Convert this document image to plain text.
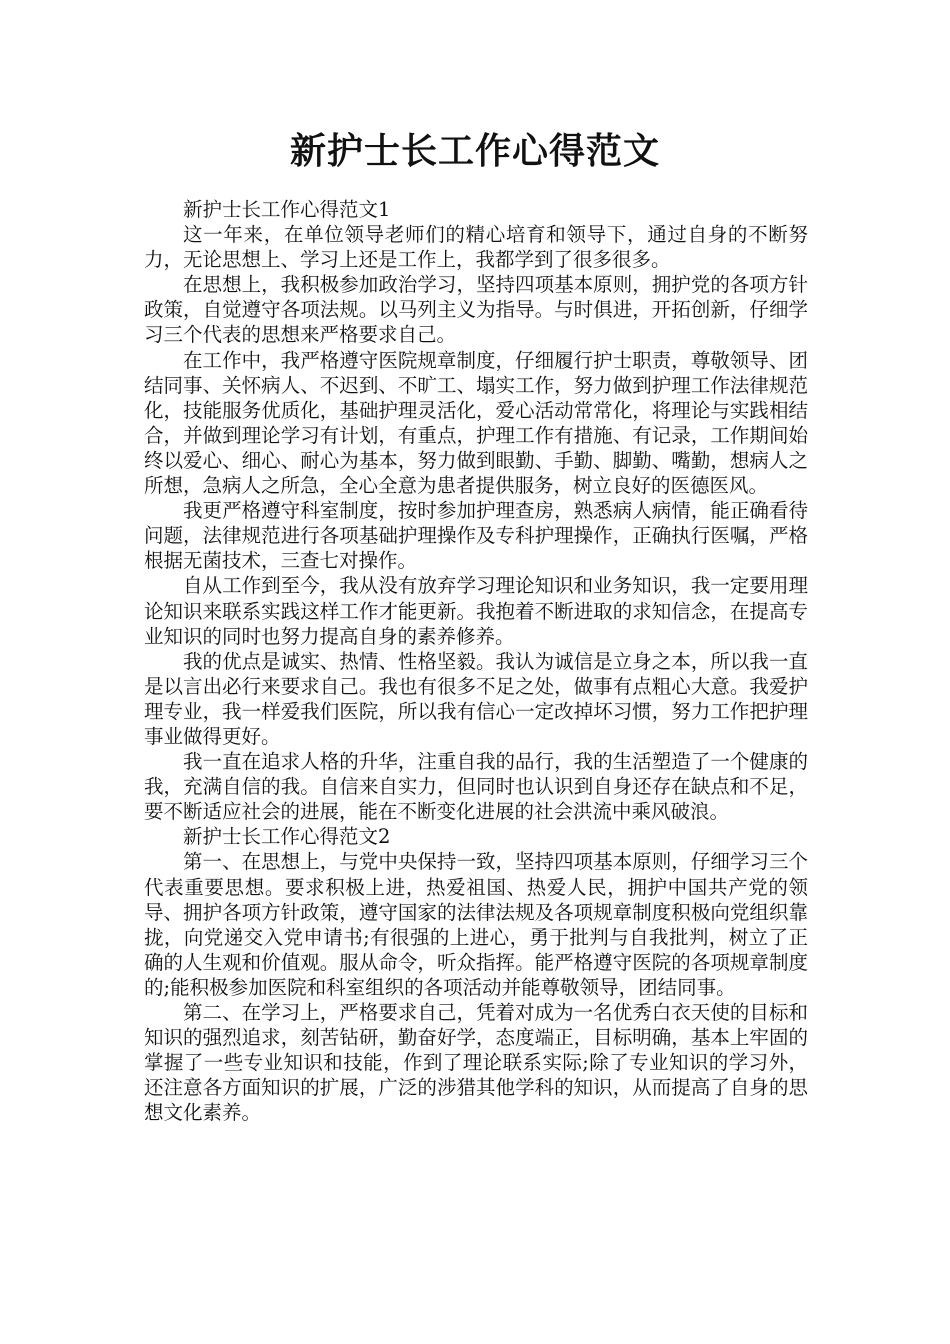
新护士长工作心得范文

新护士长工作心得范文1

这一年来，在单位领导老师们的精心培育和领导下，通过自身的不断努力，无论思想上、学习上还是工作上，我都学到了很多很多。

在思想上，我积极参加政治学习，坚持四项基本原则，拥护党的各项方针政策，自觉遵守各项法规。以马列主义为指导。与时俱进，开拓创新，仔细学习三个代表的思想来严格要求自己。

在工作中，我严格遵守医院规章制度，仔细履行护士职责，尊敬领导、团结同事、关怀病人、不迟到、不旷工、塌实工作，努力做到护理工作法律规范化，技能服务优质化，基础护理灵活化，爱心活动常常化，将理论与实践相结合，并做到理论学习有计划，有重点，护理工作有措施、有记录，工作期间始终以爱心、细心、耐心为基本，努力做到眼勤、手勤、脚勤、嘴勤，想病人之所想，急病人之所急，全心全意为患者提供服务，树立良好的医德医风。

我更严格遵守科室制度，按时参加护理查房，熟悉病人病情，能正确看待问题，法律规范进行各项基础护理操作及专科护理操作，正确执行医嘱，严格根据无菌技术，三查七对操作。

自从工作到至今，我从没有放弃学习理论知识和业务知识，我一定要用理论知识来联系实践这样工作才能更新。我抱着不断进取的求知信念，在提高专业知识的同时也努力提高自身的素养修养。

我的优点是诚实、热情、性格坚毅。我认为诚信是立身之本，所以我一直是以言出必行来要求自己。我也有很多不足之处，做事有点粗心大意。我爱护理专业，我一样爱我们医院，所以我有信心一定改掉坏习惯，努力工作把护理事业做得更好。

我一直在追求人格的升华，注重自我的品行，我的生活塑造了一个健康的我，充满自信的我。自信来自实力，但同时也认识到自身还存在缺点和不足，要不断适应社会的进展，能在不断变化进展的社会洪流中乘风破浪。

新护士长工作心得范文2

第一、在思想上，与党中央保持一致，坚持四项基本原则，仔细学习三个代表重要思想。要求积极上进，热爱祖国、热爱人民，拥护中国共产党的领导、拥护各项方针政策，遵守国家的法律法规及各项规章制度积极向党组织靠拢，向党递交入党申请书;有很强的上进心，勇于批判与自我批判，树立了正确的人生观和价值观。服从命令，听众指挥。能严格遵守医院的各项规章制度的;能积极参加医院和科室组织的各项活动并能尊敬领导，团结同事。

第二、在学习上，严格要求自己，凭着对成为一名优秀白衣天使的目标和知识的强烈追求，刻苦钻研，勤奋好学，态度端正，目标明确，基本上牢固的掌握了一些专业知识和技能，作到了理论联系实际;除了专业知识的学习外，还注意各方面知识的扩展，广泛的涉猎其他学科的知识，从而提高了自身的思想文化素养。
